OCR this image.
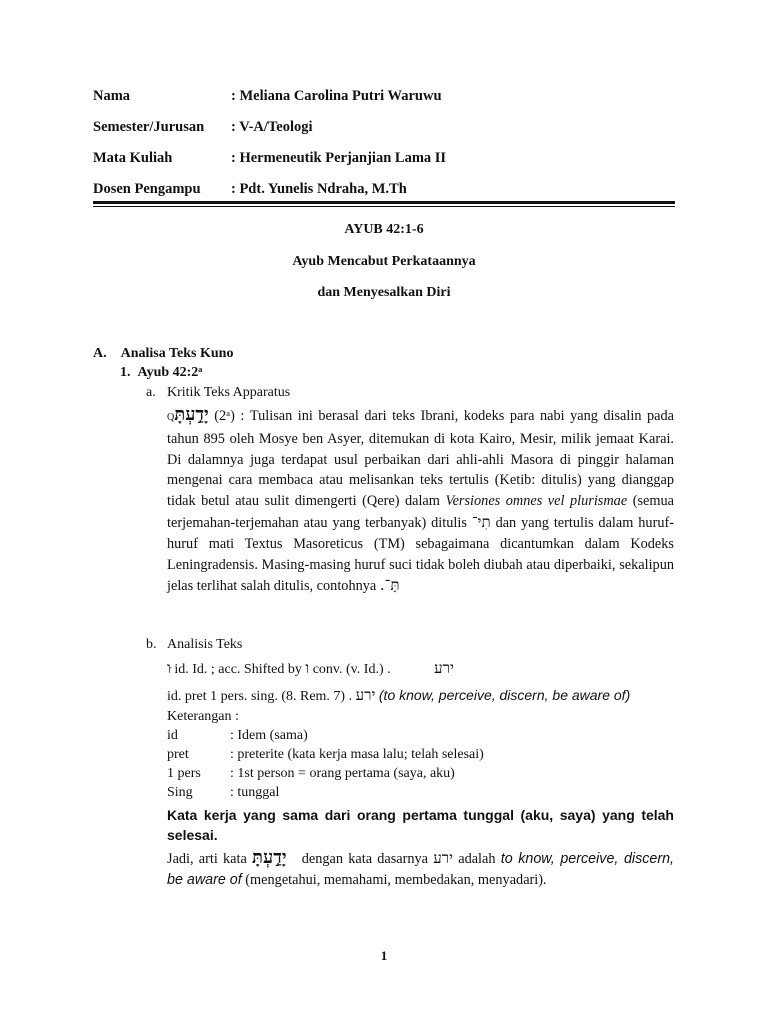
Nama	: Meliana Carolina Putri Waruwu
Semester/Jurusan : V-A/Teologi
Mata Kuliah	: Hermeneutik Perjanjian Lama II
Dosen Pengampu : Pdt. Yunelis Ndraha, M.Th
AYUB 42:1-6
Ayub Mencabut Perkataannya
dan Menyesalkan Diri
A. Analisa Teks Kuno
1. Ayub 42:2ᵃ
a. Kritik Teks Apparatus
Qיָדַ֣עְתָּ (2ᵃ) : Tulisan ini berasal dari teks Ibrani, kodeks para nabi yang disalin pada tahun 895 oleh Mosye ben Asyer, ditemukan di kota Kairo, Mesir, milik jemaat Karai. Di dalamnya juga terdapat usul perbaikan dari ahli-ahli Masora di pinggir halaman mengenai cara membaca atau melisankan teks tertulis (Ketib: ditulis) yang dianggap tidak betul atau sulit dimengerti (Qere) dalam Versiones omnes vel plurismae (semua terjemahan-terjemahan atau yang terbanyak) ditulis תִי־ dan yang tertulis dalam huruf-huruf mati Textus Masoreticus (TM) sebagaimana dicantumkan dalam Kodeks Leningradensis. Masing-masing huruf suci tidak boleh diubah atau diperbaiki, sekalipun jelas terlihat salah ditulis, contohnya תָּ־.
b. Analisis Teks
ּו id. Id. ; acc. Shifted by ו conv. (v. Id.) .	ירע
id. pret 1 pers. sing. (8. Rem. 7) . ירע (to know, perceive, discern, be aware of)
Keterangan :
id	: Idem (sama)
pret	: preterite (kata kerja masa lalu; telah selesai)
1 pers : 1st person = orang pertama (saya, aku)
Sing	: tunggal
Kata kerja yang sama dari orang pertama tunggal (aku, saya) yang telah selesai.
Jadi, arti kata יָדַ֣עְתָּ dengan kata dasarnya ירע adalah to know, perceive, discern, be aware of (mengetahui, memahami, membedakan, menyadari).
1
